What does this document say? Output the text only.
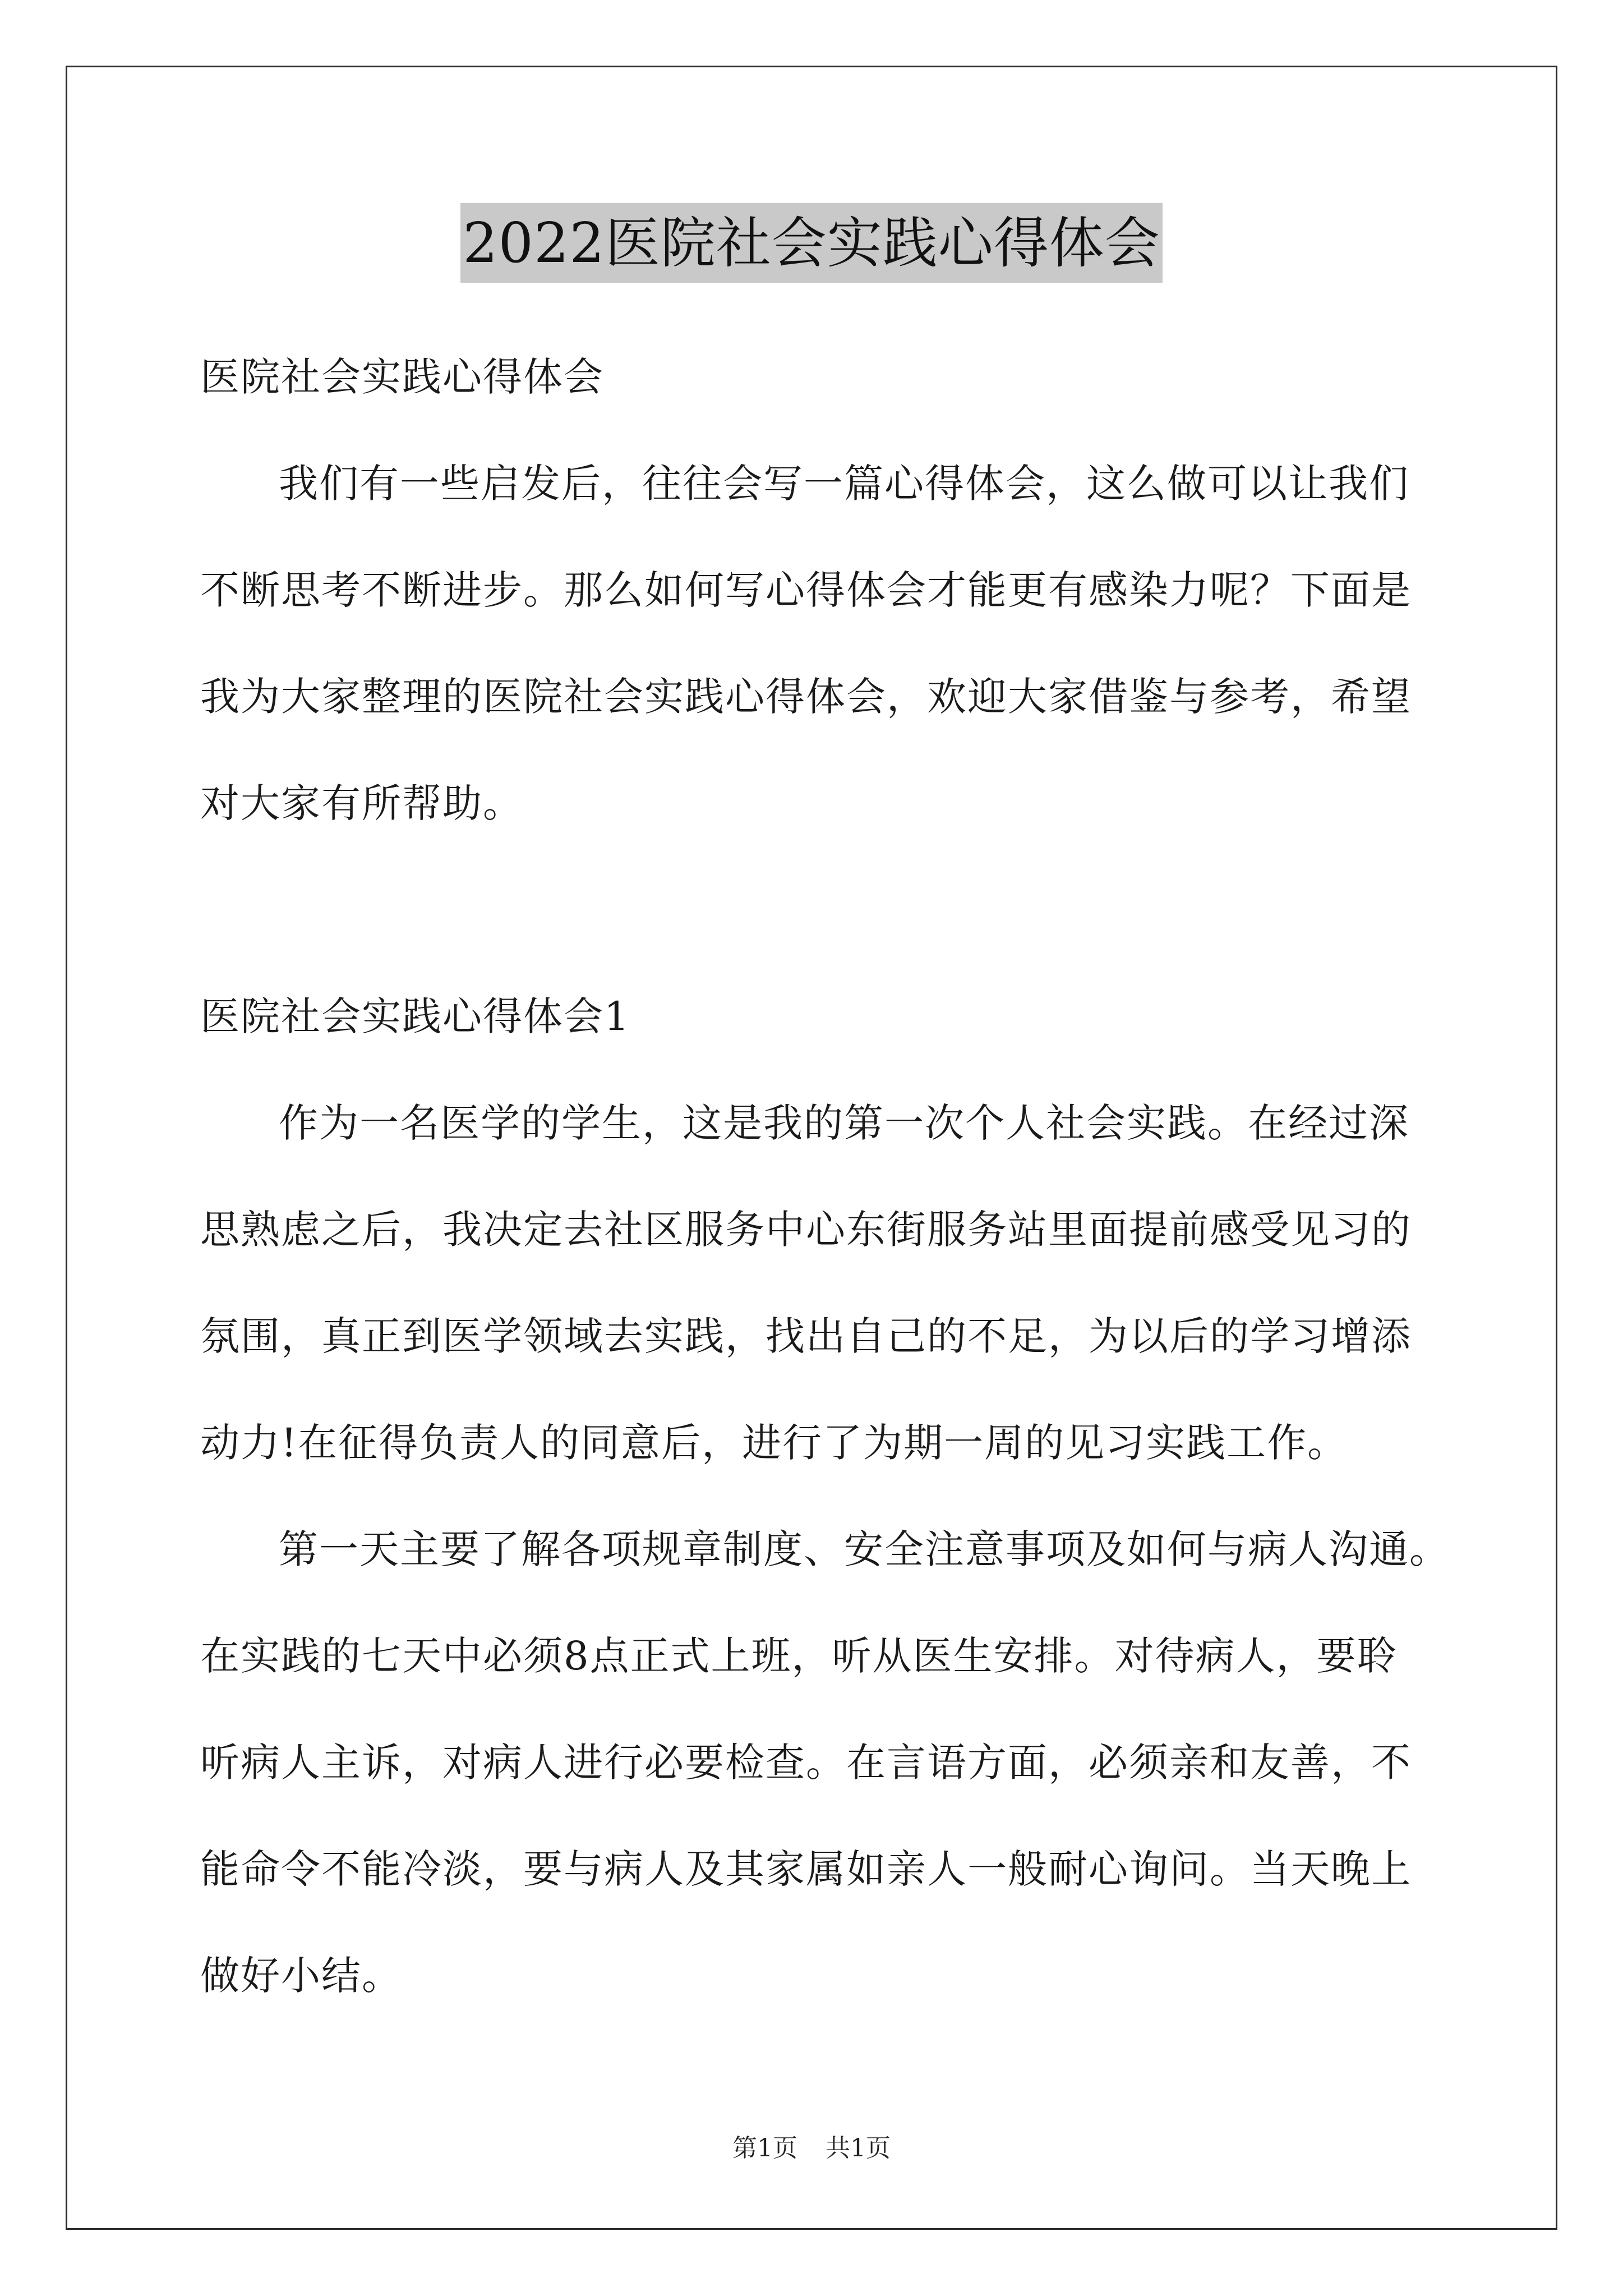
2022医院社会实践心得体会
医院社会实践心得体会
我们有一些启发后，往往会写一篇心得体会，这么做可以让我们
不断思考不断进步。那么如何写心得体会才能更有感染力呢？下面是
我为大家整理的医院社会实践心得体会，欢迎大家借鉴与参考，希望
对大家有所帮助。
医院社会实践心得体会1
作为一名医学的学生，这是我的第一次个人社会实践。在经过深
思熟虑之后，我决定去社区服务中心东街服务站里面提前感受见习的
氛围，真正到医学领域去实践，找出自己的不足，为以后的学习增添
动力!在征得负责人的同意后，进行了为期一周的见习实践工作。
第一天主要了解各项规章制度、安全注意事项及如何与病人沟通。
在实践的七天中必须8点正式上班，听从医生安排。对待病人，要聆
听病人主诉，对病人进行必要检查。在言语方面，必须亲和友善，不
能命令不能冷淡，要与病人及其家属如亲人一般耐心询问。当天晚上
做好小结。
第1页 共1页
